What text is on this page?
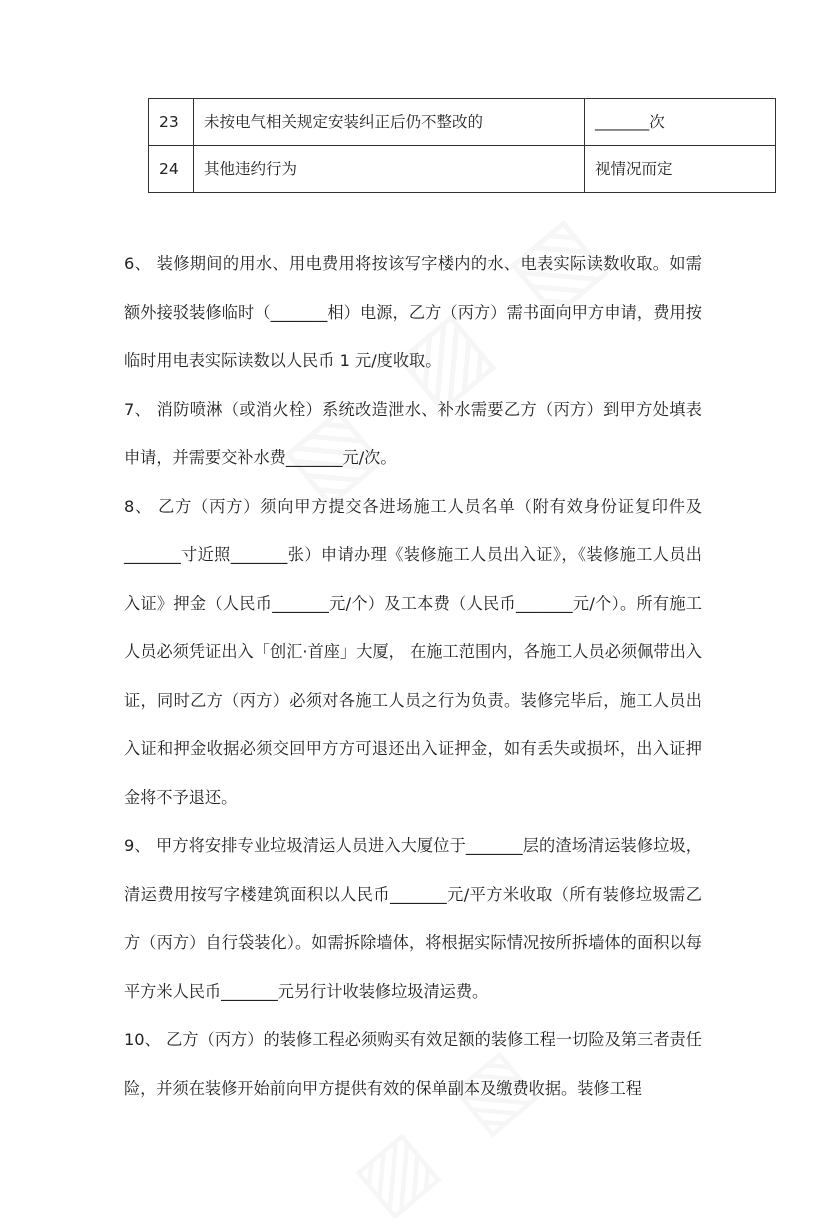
23	未按电气相关规定安装纠正后仍不整改的	_______次
24	其他违约行为	视情况而定

6、 装修期间的用水、用电费用将按该写字楼内的水、电表实际读数收取。如需额外接驳装修临时（_______相）电源，乙方（丙方）需书面向甲方申请，费用按临时用电表实际读数以人民币 1 元/度收取。

7、 消防喷淋（或消火栓）系统改造泄水、补水需要乙方（丙方）到甲方处填表申请，并需要交补水费_______元/次。

8、 乙方（丙方）须向甲方提交各进场施工人员名单（附有效身份证复印件及_______寸近照_______张）申请办理《装修施工人员出入证》，《装修施工人员出入证》押金（人民币_______元/个）及工本费（人民币_______元/个）。所有施工人员必须凭证出入「创汇·首座」大厦， 在施工范围内，各施工人员必须佩带出入证，同时乙方（丙方）必须对各施工人员之行为负责。装修完毕后，施工人员出入证和押金收据必须交回甲方方可退还出入证押金，如有丢失或损坏，出入证押金将不予退还。

9、 甲方将安排专业垃圾清运人员进入大厦位于_______层的渣场清运装修垃圾，清运费用按写字楼建筑面积以人民币_______元/平方米收取（所有装修垃圾需乙方（丙方）自行袋装化）。如需拆除墙体，将根据实际情况按所拆墙体的面积以每平方米人民币_______元另行计收装修垃圾清运费。

10、 乙方（丙方）的装修工程必须购买有效足额的装修工程一切险及第三者责任险，并须在装修开始前向甲方提供有效的保单副本及缴费收据。装修工程
